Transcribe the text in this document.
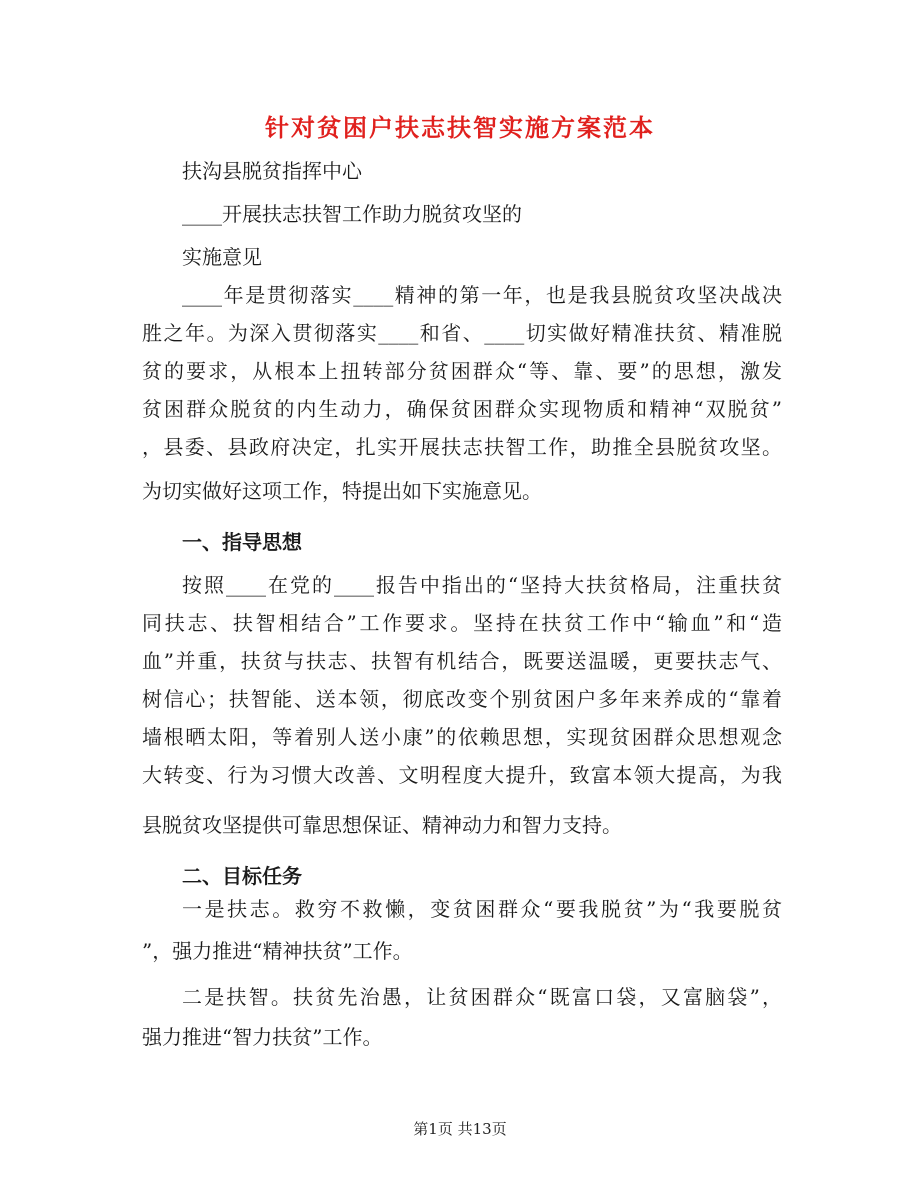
针对贫困户扶志扶智实施方案范本
扶沟县脱贫指挥中心
____开展扶志扶智工作助力脱贫攻坚的
实施意见
____年是贯彻落实____精神的第一年，也是我县脱贫攻坚决战决
胜之年。为深入贯彻落实____和省、____切实做好精准扶贫、精准脱
贫的要求，从根本上扭转部分贫困群众“等、靠、要”的思想，激发
贫困群众脱贫的内生动力，确保贫困群众实现物质和精神“双脱贫”
，县委、县政府决定，扎实开展扶志扶智工作，助推全县脱贫攻坚。
为切实做好这项工作，特提出如下实施意见。
一、指导思想
按照____在党的____报告中指出的“坚持大扶贫格局，注重扶贫
同扶志、扶智相结合”工作要求。坚持在扶贫工作中“输血”和“造
血”并重，扶贫与扶志、扶智有机结合，既要送温暖，更要扶志气、
树信心；扶智能、送本领，彻底改变个别贫困户多年来养成的“靠着
墙根晒太阳，等着别人送小康”的依赖思想，实现贫困群众思想观念
大转变、行为习惯大改善、文明程度大提升，致富本领大提高，为我
县脱贫攻坚提供可靠思想保证、精神动力和智力支持。
二、目标任务
一是扶志。救穷不救懒，变贫困群众“要我脱贫”为“我要脱贫
”，强力推进“精神扶贫”工作。
二是扶智。扶贫先治愚，让贫困群众“既富口袋，又富脑袋”，
强力推进“智力扶贫”工作。
第1页 共13页
